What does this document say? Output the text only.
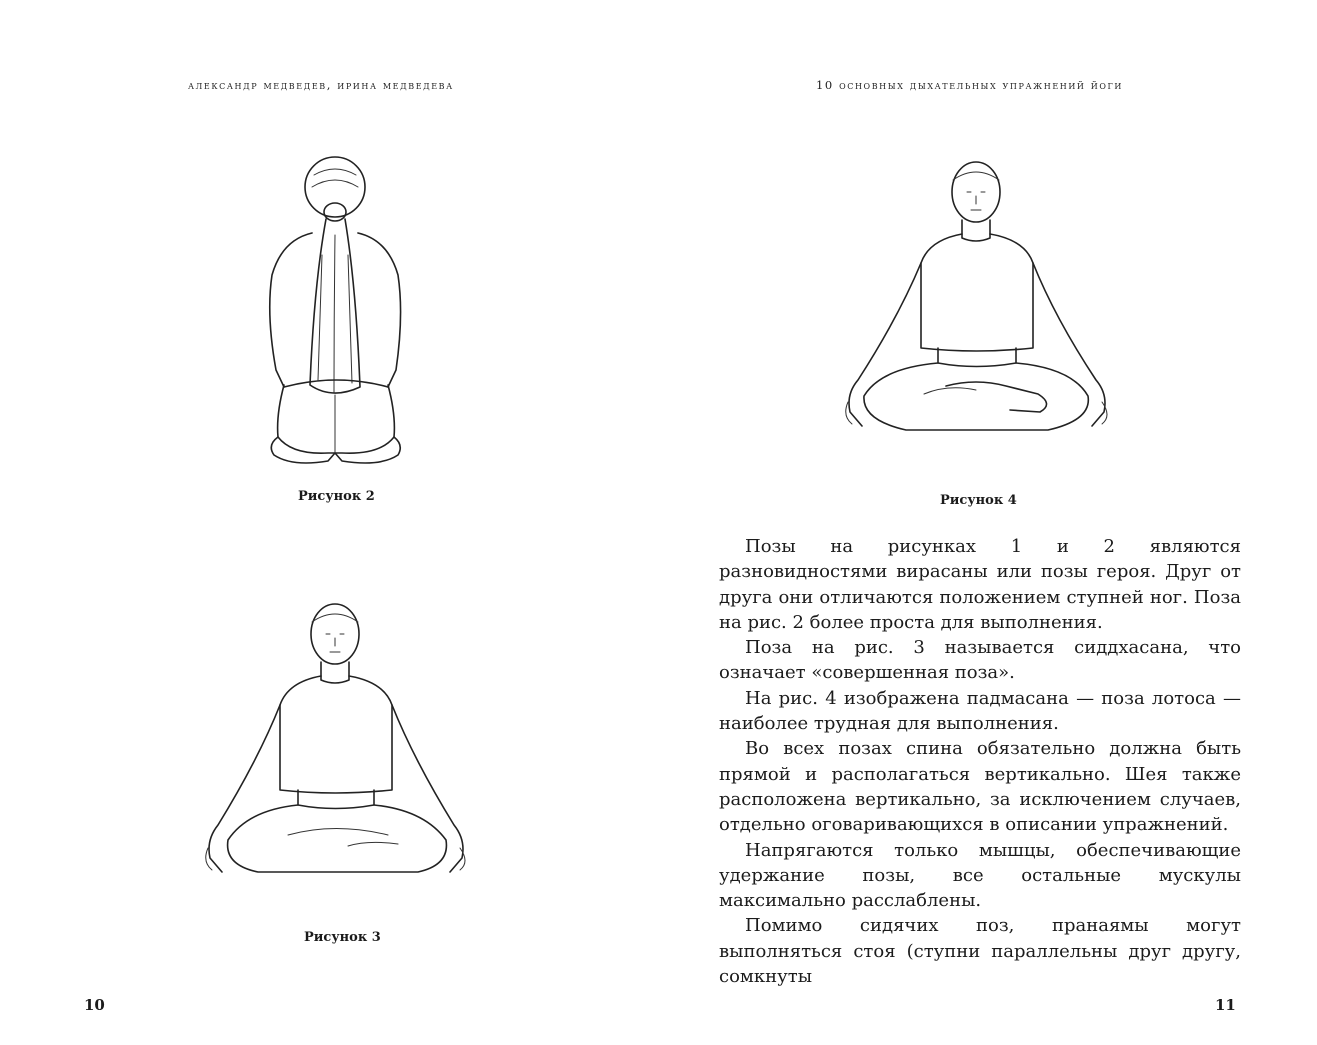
александр медведев, ирина медведева
Рисунок 2
Рисунок 3
10
10 основных дыхательных упражнений йоги
Рисунок 4

Позы на рисунках 1 и 2 являются разновидностями вирасаны или позы героя. Друг от друга они отличаются положением ступней ног. Поза на рис. 2 более проста для выполнения.

Поза на рис. 3 называется сиддхасана, что означает «совершенная поза».

На рис. 4 изображена падмасана — поза лотоса — наиболее трудная для выполнения.

Во всех позах спина обязательно должна быть прямой и располагаться вертикально. Шея также расположена вертикально, за исключением случаев, отдельно оговаривающихся в описании упражнений.

Напрягаются только мышцы, обеспечивающие удержание позы, все остальные мускулы максимально расслаблены.

Помимо сидячих поз, пранаямы могут выполняться стоя (ступни параллельны друг другу, сомкнуты

11
